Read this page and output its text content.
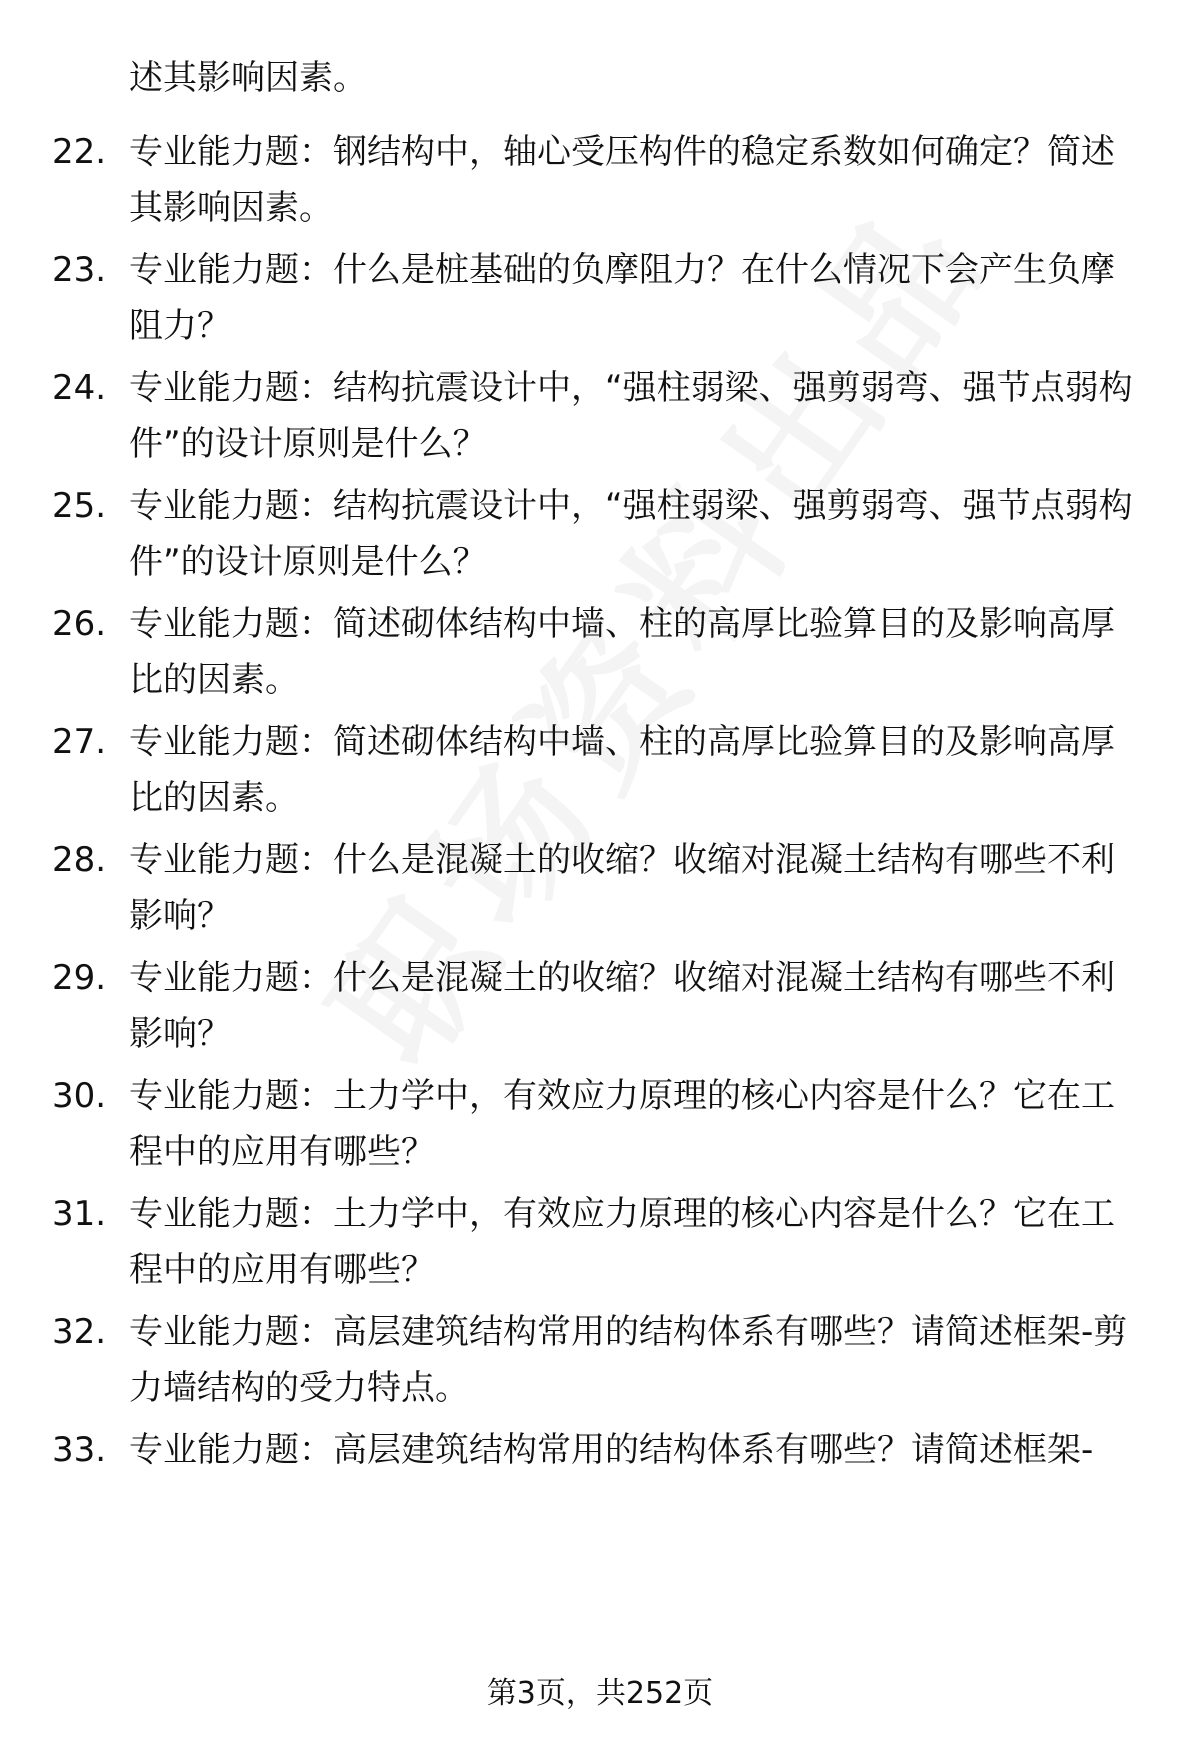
述其影响因素。
22. 专业能力题：钢结构中，轴心受压构件的稳定系数如何确定？简述其影响因素。
23. 专业能力题：什么是桩基础的负摩阻力？在什么情况下会产生负摩阻力？
24. 专业能力题：结构抗震设计中，“强柱弱梁、强剪弱弯、强节点弱构件”的设计原则是什么？
25. 专业能力题：结构抗震设计中，“强柱弱梁、强剪弱弯、强节点弱构件”的设计原则是什么？
26. 专业能力题：简述砌体结构中墙、柱的高厚比验算目的及影响高厚比的因素。
27. 专业能力题：简述砌体结构中墙、柱的高厚比验算目的及影响高厚比的因素。
28. 专业能力题：什么是混凝土的收缩？收缩对混凝土结构有哪些不利影响？
29. 专业能力题：什么是混凝土的收缩？收缩对混凝土结构有哪些不利影响？
30. 专业能力题：土力学中，有效应力原理的核心内容是什么？它在工程中的应用有哪些？
31. 专业能力题：土力学中，有效应力原理的核心内容是什么？它在工程中的应用有哪些？
32. 专业能力题：高层建筑结构常用的结构体系有哪些？请简述框架-剪力墙结构的受力特点。
33. 专业能力题：高层建筑结构常用的结构体系有哪些？请简述框架-
第3页，共252页
